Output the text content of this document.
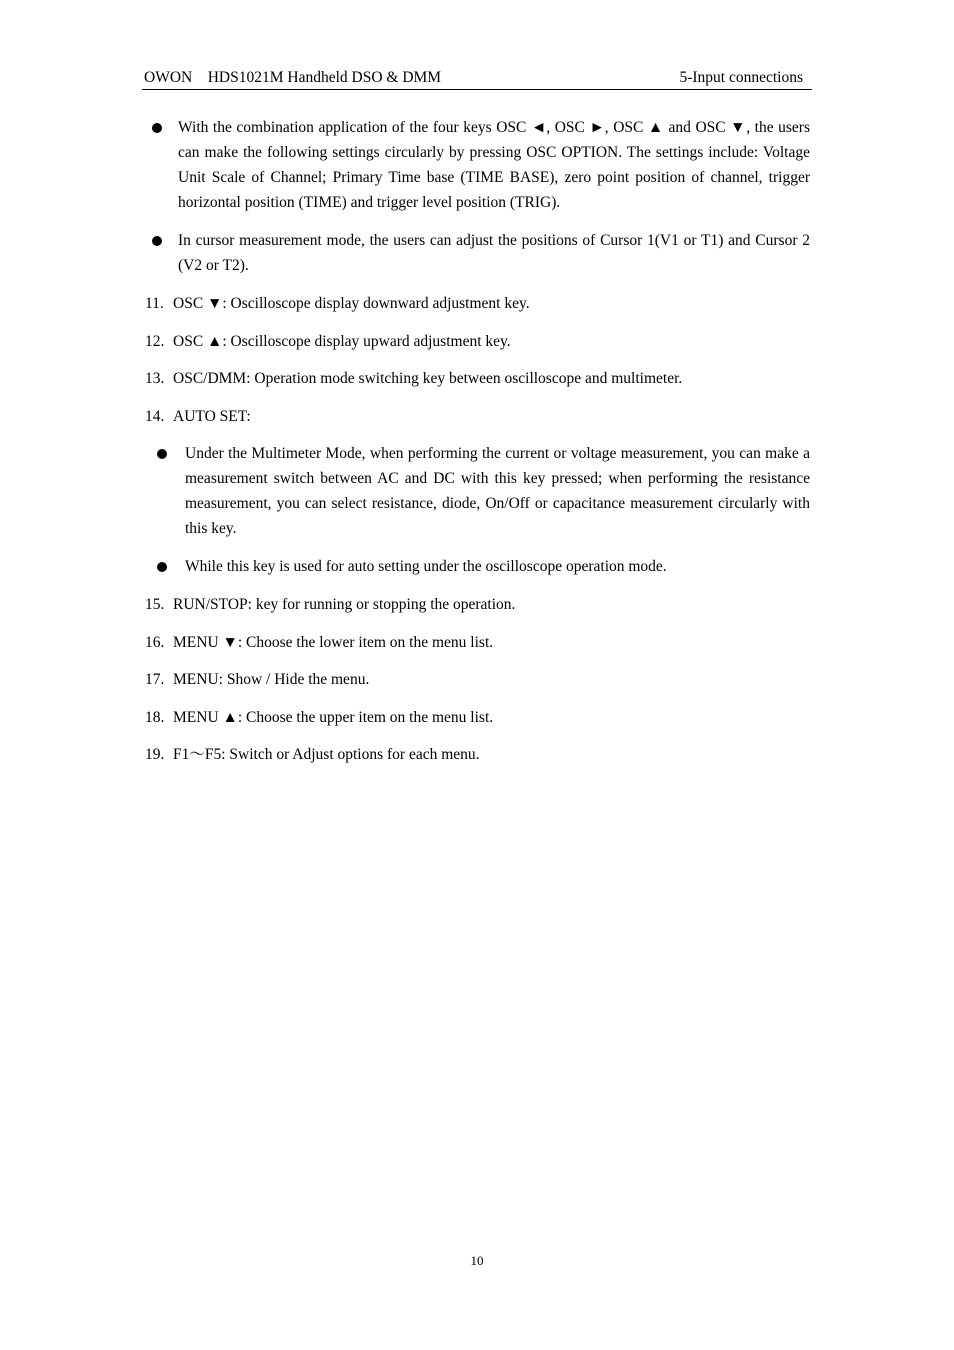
OWON    HDS1021M Handheld DSO & DMM	5-Input connections
With the combination application of the four keys OSC ◄, OSC ►, OSC ▲ and OSC ▼, the users can make the following settings circularly by pressing OSC OPTION. The settings include: Voltage Unit Scale of Channel; Primary Time base (TIME BASE), zero point position of channel, trigger horizontal position (TIME) and trigger level position (TRIG).
In cursor measurement mode, the users can adjust the positions of Cursor 1(V1 or T1) and Cursor 2 (V2 or T2).
11. OSC ▼: Oscilloscope display downward adjustment key.
12. OSC ▲: Oscilloscope display upward adjustment key.
13. OSC/DMM: Operation mode switching key between oscilloscope and multimeter.
14. AUTO SET:
Under the Multimeter Mode, when performing the current or voltage measurement, you can make a measurement switch between AC and DC with this key pressed; when performing the resistance measurement, you can select resistance, diode, On/Off or capacitance measurement circularly with this key.
While this key is used for auto setting under the oscilloscope operation mode.
15. RUN/STOP: key for running or stopping the operation.
16. MENU ▼: Choose the lower item on the menu list.
17. MENU: Show / Hide the menu.
18. MENU ▲: Choose the upper item on the menu list.
19. F1～F5: Switch or Adjust options for each menu.
10
